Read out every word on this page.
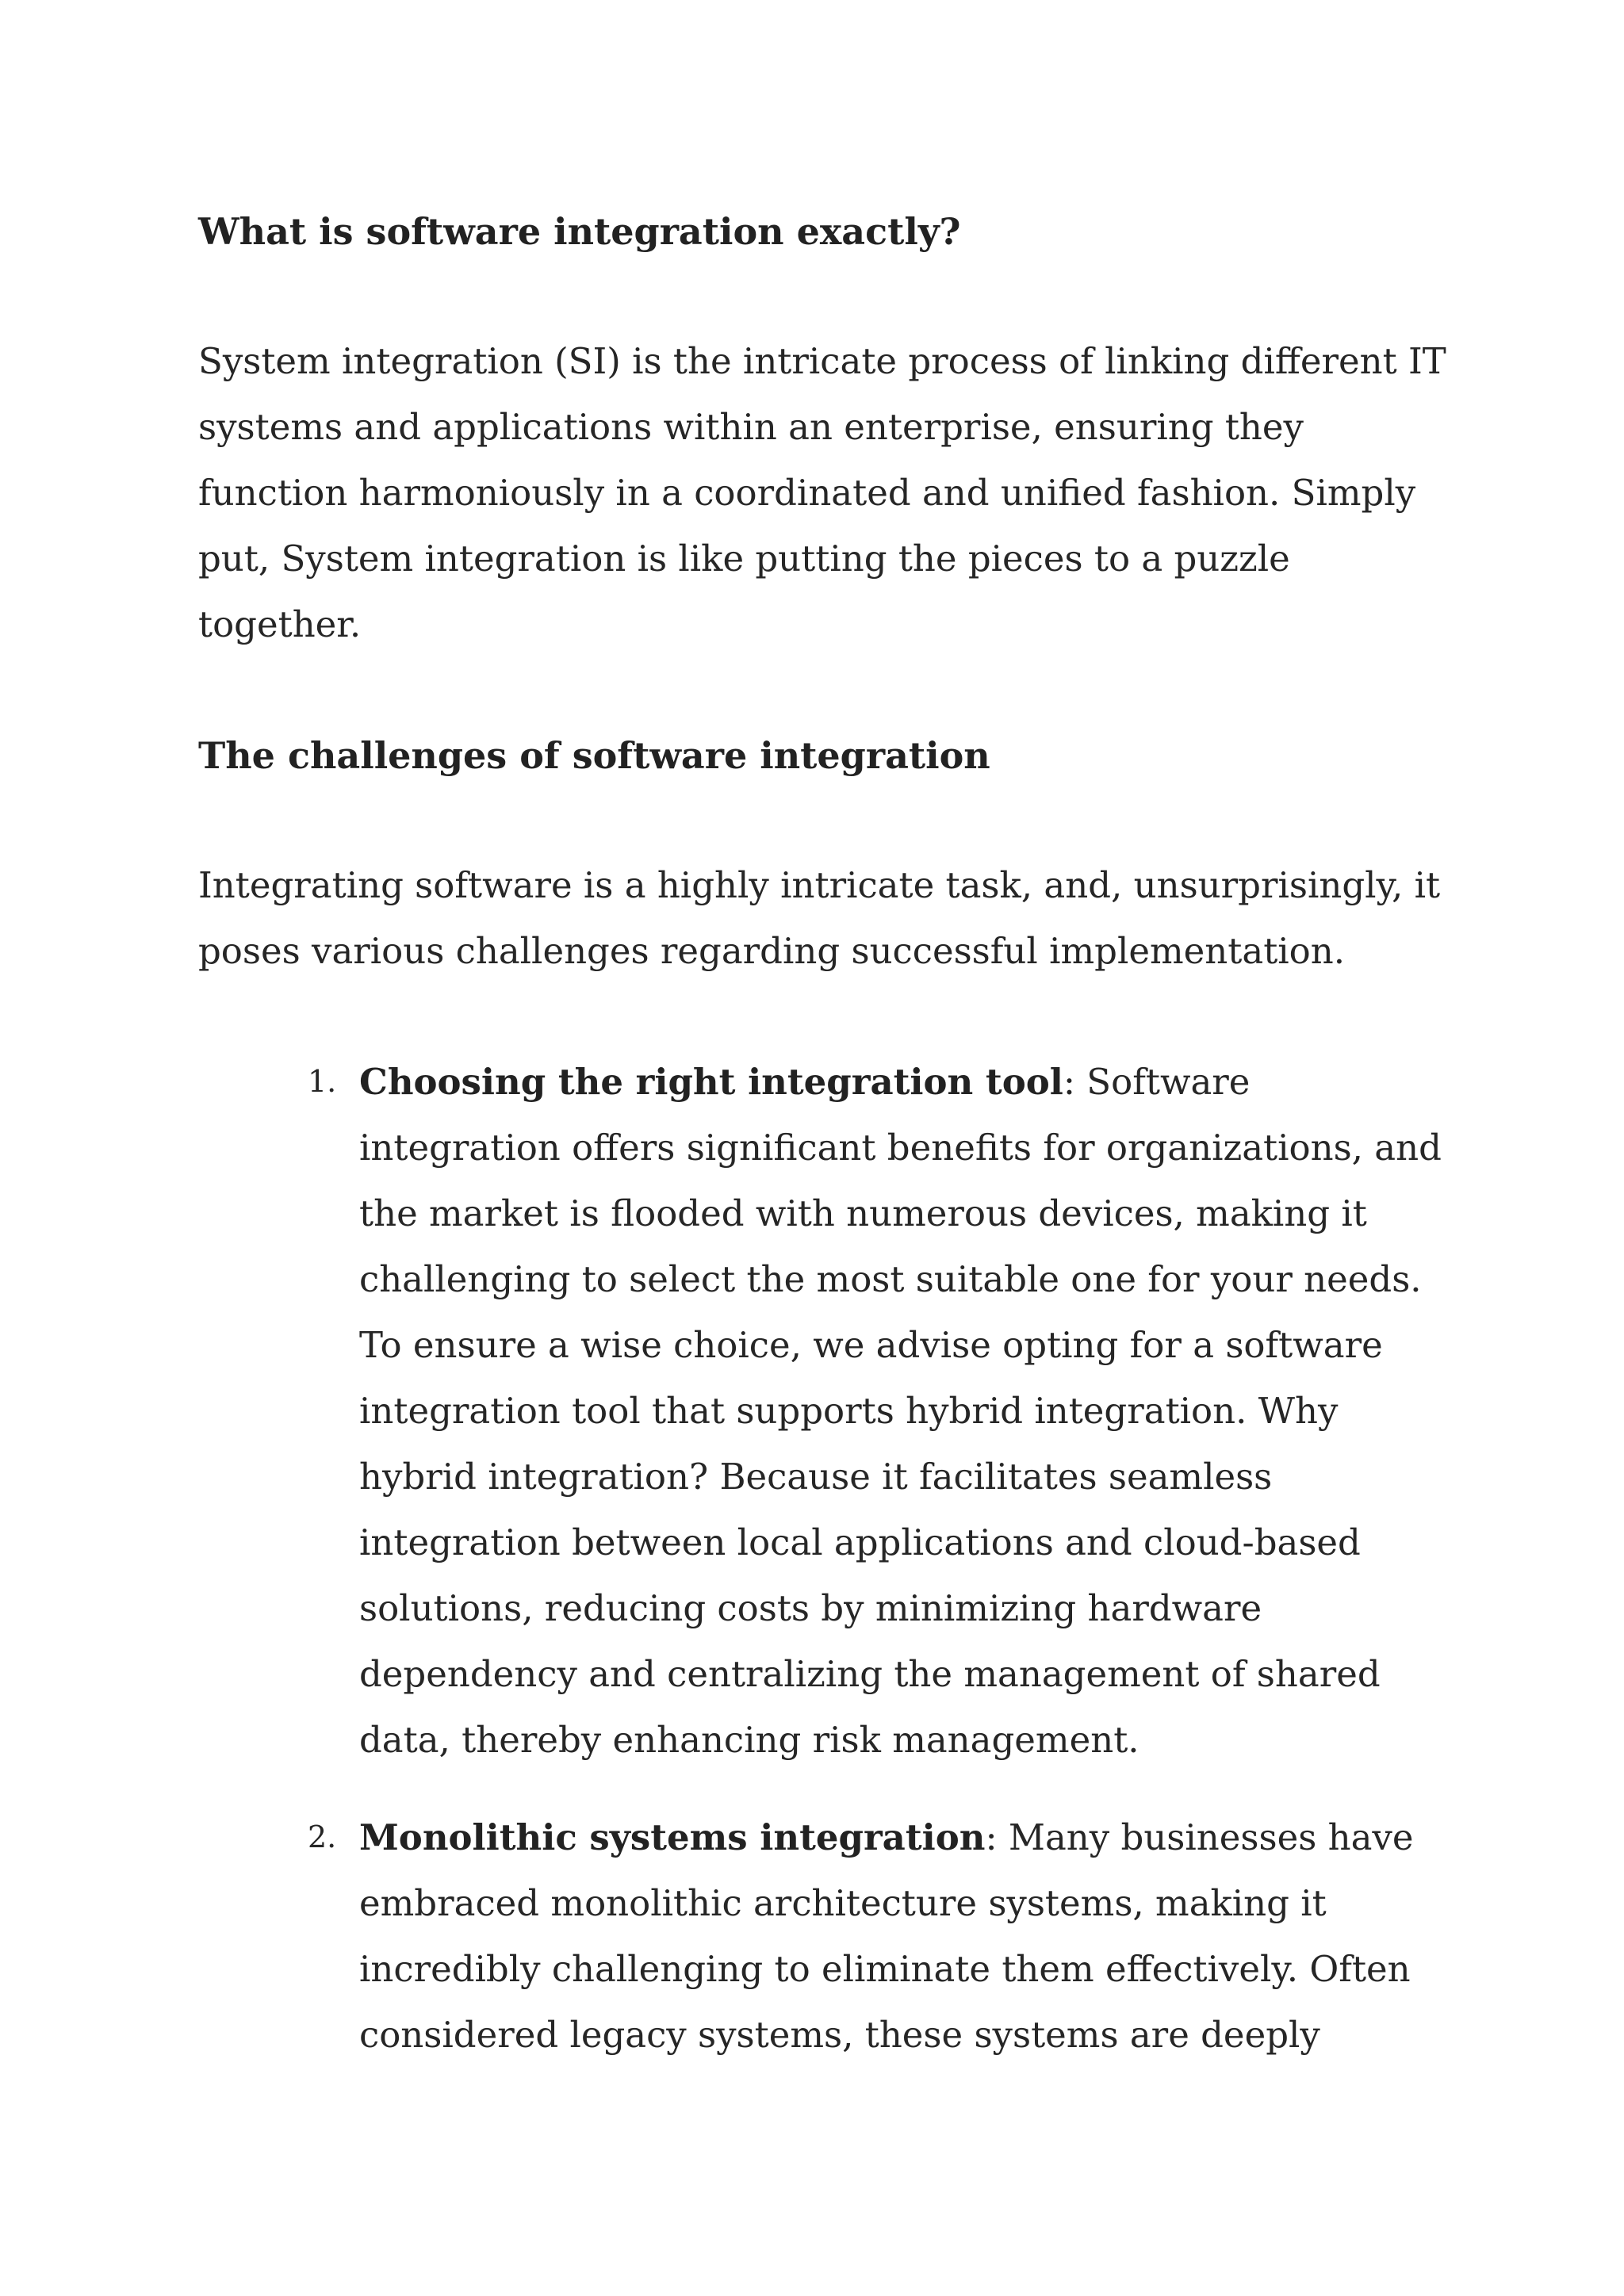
What is software integration exactly?

System integration (SI) is the intricate process of linking different IT systems and applications within an enterprise, ensuring they function harmoniously in a coordinated and unified fashion. Simply put, System integration is like putting the pieces to a puzzle together.

The challenges of software integration

Integrating software is a highly intricate task, and, unsurprisingly, it poses various challenges regarding successful implementation.

1. Choosing the right integration tool: Software integration offers significant benefits for organizations, and the market is flooded with numerous devices, making it challenging to select the most suitable one for your needs. To ensure a wise choice, we advise opting for a software integration tool that supports hybrid integration. Why hybrid integration? Because it facilitates seamless integration between local applications and cloud-based solutions, reducing costs by minimizing hardware dependency and centralizing the management of shared data, thereby enhancing risk management.
2. Monolithic systems integration: Many businesses have embraced monolithic architecture systems, making it incredibly challenging to eliminate them effectively. Often considered legacy systems, these systems are deeply
